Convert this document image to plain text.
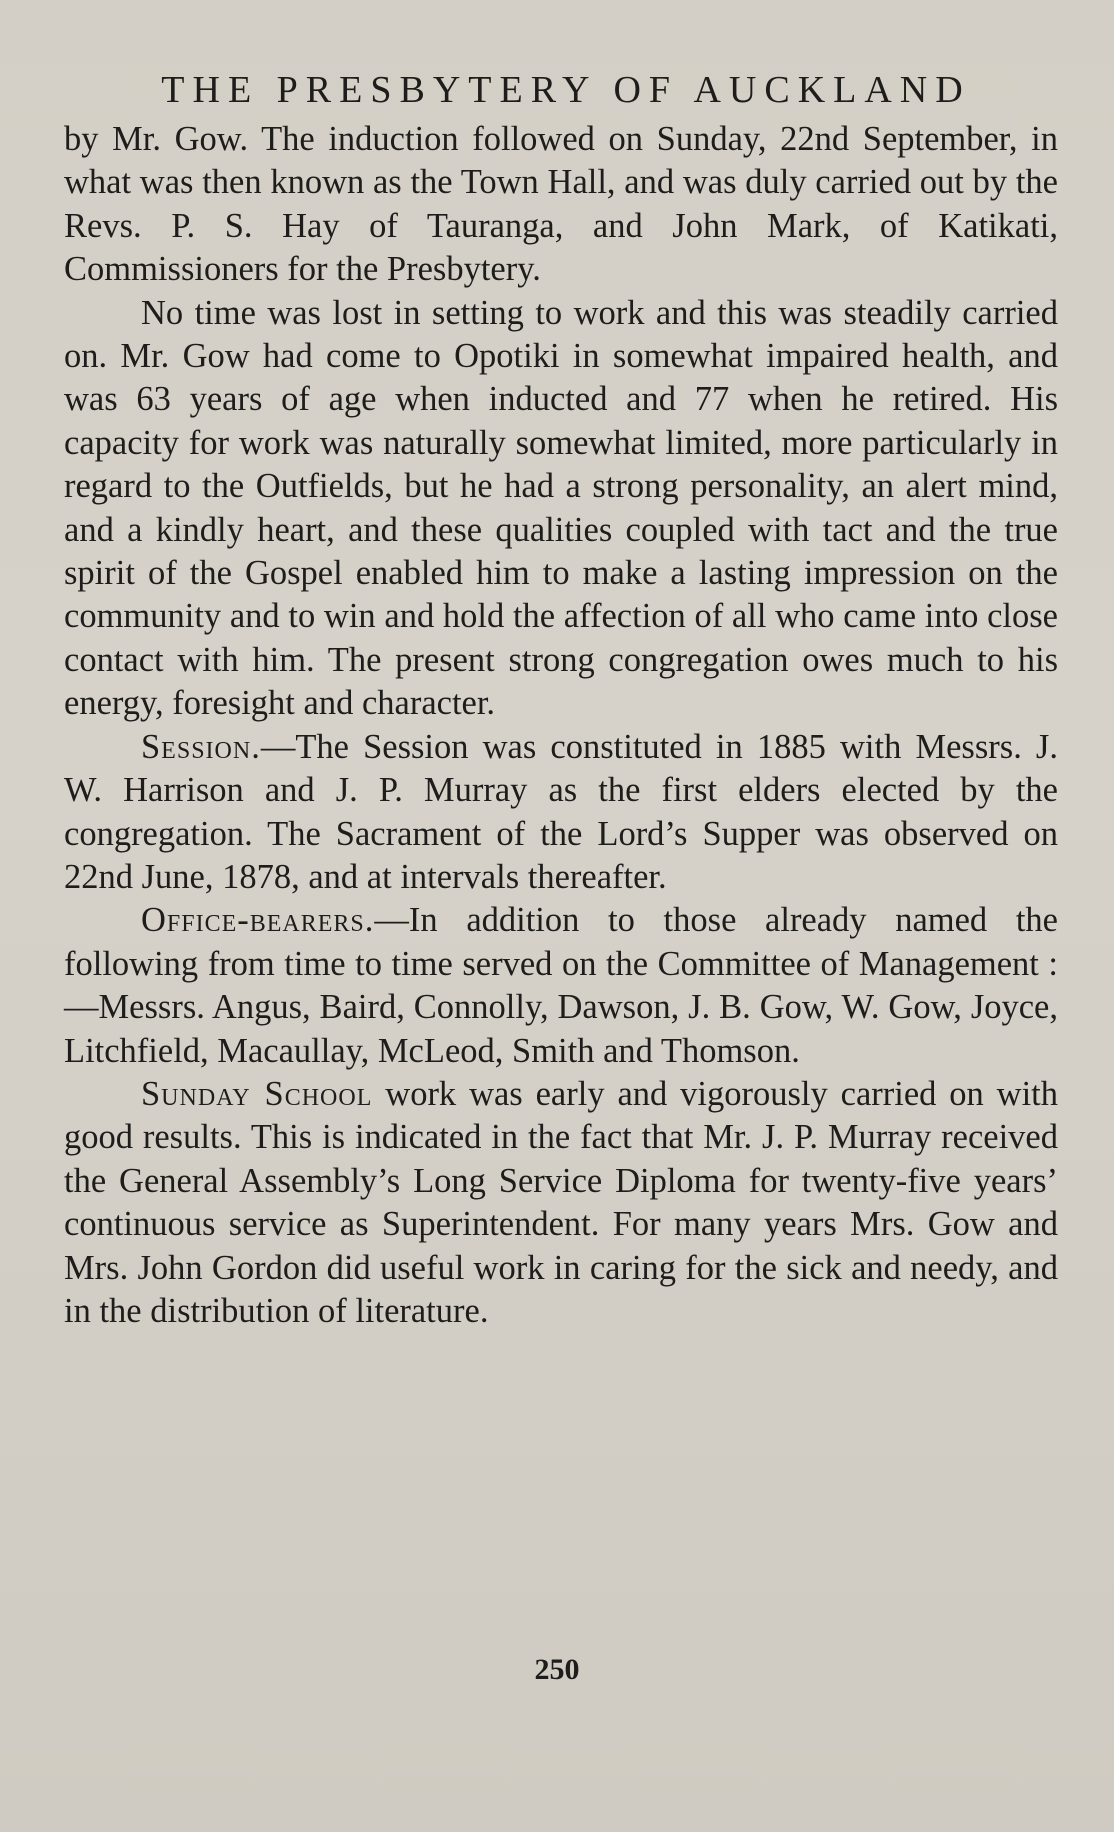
THE PRESBYTERY OF AUCKLAND

by Mr. Gow. The induction followed on Sunday, 22nd September, in what was then known as the Town Hall, and was duly carried out by the Revs. P. S. Hay of Tauranga, and John Mark, of Katikati, Commissioners for the Presbytery.

No time was lost in setting to work and this was steadily carried on. Mr. Gow had come to Opotiki in somewhat impaired health, and was 63 years of age when inducted and 77 when he retired. His capacity for work was naturally somewhat limited, more particularly in regard to the Outfields, but he had a strong personality, an alert mind, and a kindly heart, and these qualities coupled with tact and the true spirit of the Gospel enabled him to make a lasting impression on the community and to win and hold the affection of all who came into close contact with him. The present strong congregation owes much to his energy, foresight and character.

Session.—The Session was constituted in 1885 with Messrs. J. W. Harrison and J. P. Murray as the first elders elected by the congregation. The Sacrament of the Lord’s Supper was observed on 22nd June, 1878, and at intervals thereafter.

Office-bearers.—In addition to those already named the following from time to time served on the Committee of Management :—Messrs. Angus, Baird, Connolly, Dawson, J. B. Gow, W. Gow, Joyce, Litchfield, Macaullay, McLeod, Smith and Thomson.

Sunday School work was early and vigorously carried on with good results. This is indicated in the fact that Mr. J. P. Murray received the General Assembly’s Long Service Diploma for twenty-five years’ continuous service as Superintendent. For many years Mrs. Gow and Mrs. John Gordon did useful work in caring for the sick and needy, and in the distribution of literature.

250
